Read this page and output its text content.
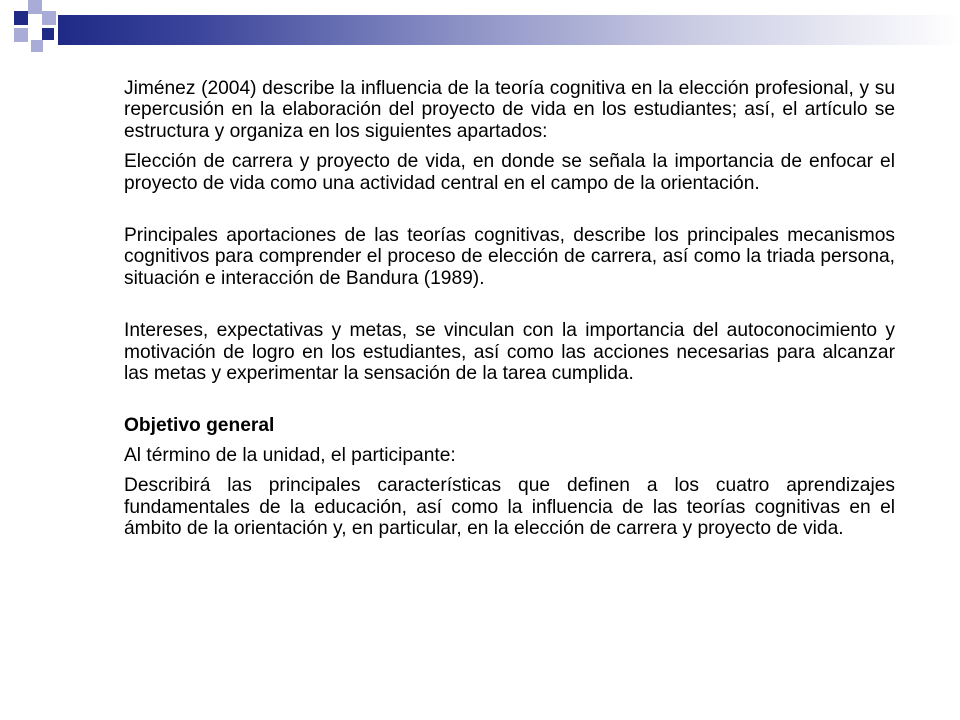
Jiménez (2004) describe la influencia de la teoría cognitiva en la elección profesional, y su repercusión en la elaboración del proyecto de vida en los estudiantes; así, el artículo se estructura y organiza en los siguientes apartados:

Elección de carrera y proyecto de vida, en donde se señala la importancia de enfocar el proyecto de vida como una actividad central en el campo de la orientación.

Principales aportaciones de las teorías cognitivas, describe los principales mecanismos cognitivos para comprender el proceso de elección de carrera, así como la triada persona, situación e interacción de Bandura (1989).

Intereses, expectativas y metas, se vinculan con la importancia del autoconocimiento y motivación de logro en los estudiantes, así como las acciones necesarias para alcanzar las metas y experimentar la sensación de la tarea cumplida.

Objetivo general

Al término de la unidad, el participante:

Describirá las principales características que definen a los cuatro aprendizajes fundamentales de la educación, así como la influencia de las teorías cognitivas en el ámbito de la orientación y, en particular, en la elección de carrera y proyecto de vida.
